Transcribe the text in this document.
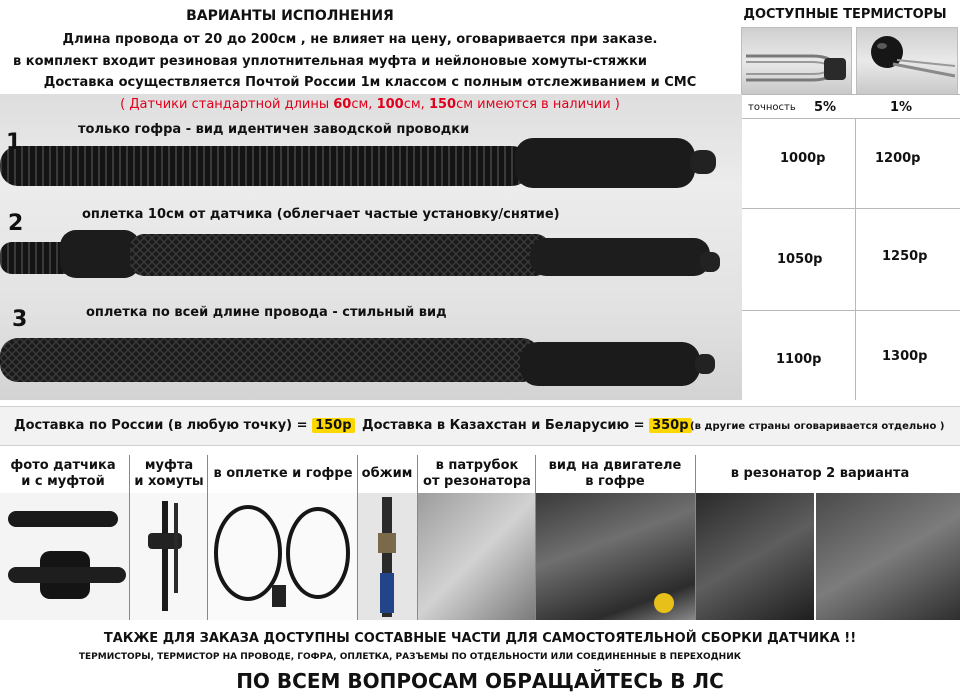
ВАРИАНТЫ ИСПОЛНЕНИЯ
Длина провода от 20 до 200см , не влияет на цену, оговаривается при заказе.
в комплект входит резиновая уплотнительная муфта и нейлоновые хомуты-стяжки
Доставка осуществляется Почтой России 1м классом с полным отслеживанием и СМС
ДОСТУПНЫЕ ТЕРМИСТОРЫ
( Датчики стандартной длины 60см, 100см, 150см имеются в наличии )
1
2
3
только гофра - вид идентичен заводской проводки
оплетка 10см от датчика (облегчает частые установку/снятие)
оплетка по всей длине провода - стильный вид
точность 5%	1%
1000р	1200р
1050р	1250р
1100р	1300р
Доставка по России (в любую точку) = 150р Доставка в Казахстан и Беларусию = 350р (в другие страны оговаривается отдельно )
фото датчика
и с муфтой
муфта
и хомуты
в оплетке и гофре обжим
в патрубок
от резонатора
вид на двигателе
в гофре
в резонатор 2 варианта
ТАКЖЕ ДЛЯ ЗАКАЗА ДОСТУПНЫ СОСТАВНЫЕ ЧАСТИ ДЛЯ САМОСТОЯТЕЛЬНОЙ СБОРКИ ДАТЧИКА !!
ТЕРМИСТОРЫ, ТЕРМИСТОР НА ПРОВОДЕ, ГОФРА, ОПЛЕТКА, РАЗЪЕМЫ ПО ОТДЕЛЬНОСТИ ИЛИ СОЕДИНЕННЫЕ В ПЕРЕХОДНИК
ПО ВСЕМ ВОПРОСАМ ОБРАЩАЙТЕСЬ В ЛС
